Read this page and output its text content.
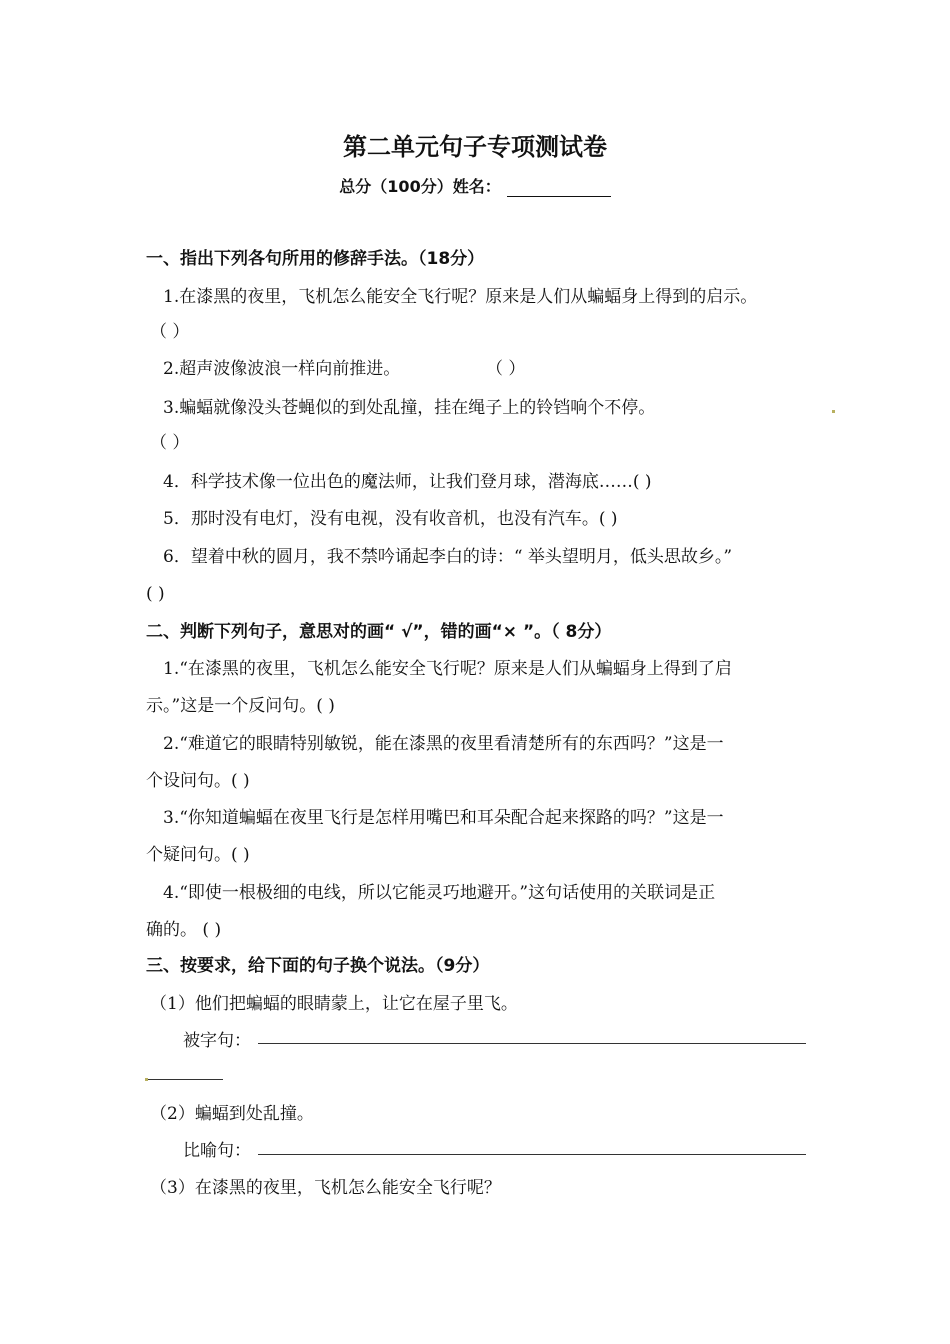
第二单元句子专项测试卷
总分（100分）姓名：
一、指出下列各句所用的修辞手法。（18分）
1.在漆黑的夜里，飞机怎么能安全飞行呢？原来是人们从蝙蝠身上得到的启示。
（ ）
2.超声波像波浪一样向前推进。	（ ）
3.蝙蝠就像没头苍蝇似的到处乱撞，挂在绳子上的铃铛响个不停。
（ ）
4．科学技术像一位出色的魔法师，让我们登月球，潜海底……( )
5．那时没有电灯，没有电视，没有收音机，也没有汽车。( )
6．望着中秋的圆月，我不禁吟诵起李白的诗：“ 举头望明月，低头思故乡。”
( )
二、判断下列句子，意思对的画“ √”，错的画“× ”。（ 8分）
1.“在漆黑的夜里，飞机怎么能安全飞行呢？原来是人们从蝙蝠身上得到了启
示。”这是一个反问句。( )
2.“难道它的眼睛特别敏锐，能在漆黑的夜里看清楚所有的东西吗？”这是一
个设问句。( )
3.“你知道蝙蝠在夜里飞行是怎样用嘴巴和耳朵配合起来探路的吗？”这是一
个疑问句。( )
4.“即使一根极细的电线，所以它能灵巧地避开。”这句话使用的关联词是正
确的。 ( )
三、按要求，给下面的句子换个说法。（9分）
（1）他们把蝙蝠的眼睛蒙上，让它在屋子里飞。
被字句：
（2）蝙蝠到处乱撞。
比喻句：
（3）在漆黑的夜里，飞机怎么能安全飞行呢？
